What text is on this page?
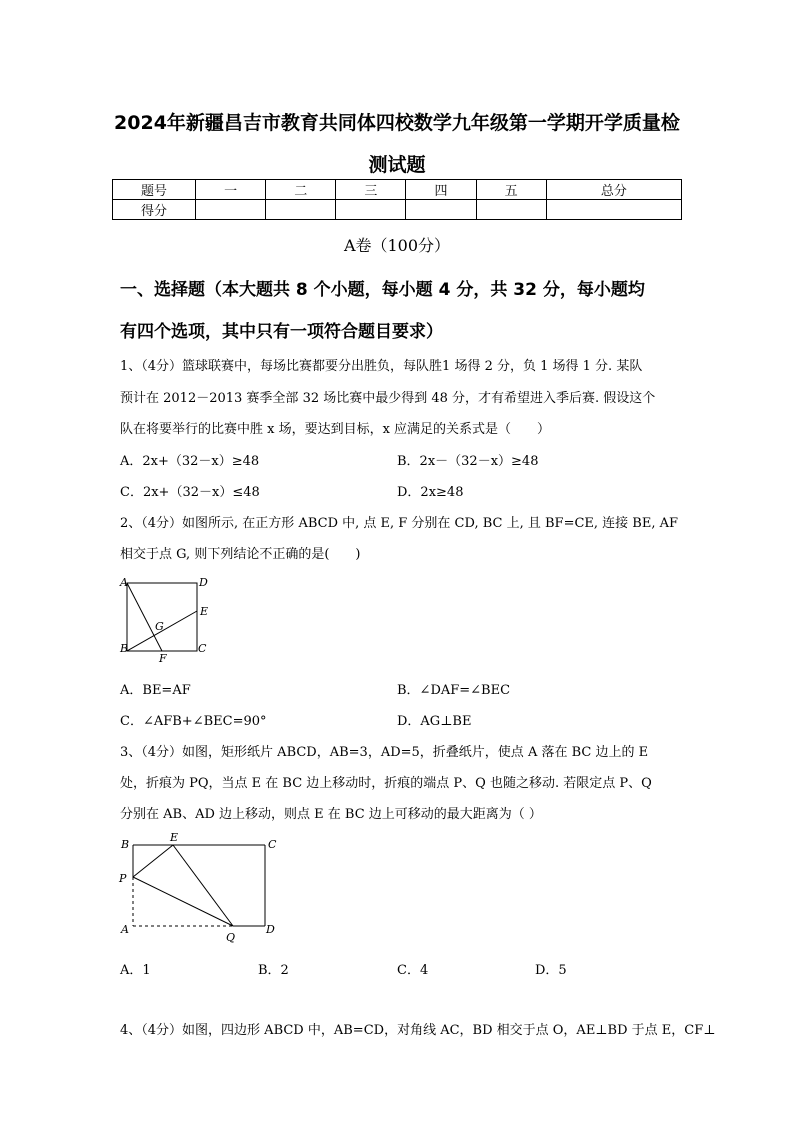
2024年新疆昌吉市教育共同体四校数学九年级第一学期开学质量检
测试题
题号	一	二	三	四	五	总分
得分						
A卷（100分）
一、选择题（本大题共 8 个小题，每小题 4 分，共 32 分，每小题均
有四个选项，其中只有一项符合题目要求）
1、（4分）篮球联赛中，每场比赛都要分出胜负，每队胜1 场得 2 分，负 1 场得 1 分. 某队
预计在 2012－2013 赛季全部 32 场比赛中最少得到 48 分，才有希望进入季后赛. 假设这个
队在将要举行的比赛中胜 x 场，要达到目标，x 应满足的关系式是（　　）
A．2x+（32－x）≥48	B．2x－（32－x）≥48
C．2x+（32－x）≤48	D．2x≥48
2、（4分）如图所示, 在正方形 ABCD 中, 点 E, F 分别在 CD, BC 上, 且 BF=CE, 连接 BE, AF
相交于点 G, 则下列结论不正确的是(　　)
A	D
E
G
B	C
F
A．BE=AF	B．∠DAF=∠BEC
C．∠AFB+∠BEC=90°	D．AG⊥BE
3、（4分）如图，矩形纸片 ABCD，AB=3，AD=5，折叠纸片，使点 A 落在 BC 边上的 E
处，折痕为 PQ，当点 E 在 BC 边上移动时，折痕的端点 P、Q 也随之移动. 若限定点 P、Q
分别在 AB、AD 边上移动，则点 E 在 BC 边上可移动的最大距离为（ ）
B
E
C
P
A
Q
D
A．1	B．2	C．4	D．5
4、（4分）如图，四边形 ABCD 中，AB=CD，对角线 AC，BD 相交于点 O，AE⊥BD 于点 E，CF⊥
